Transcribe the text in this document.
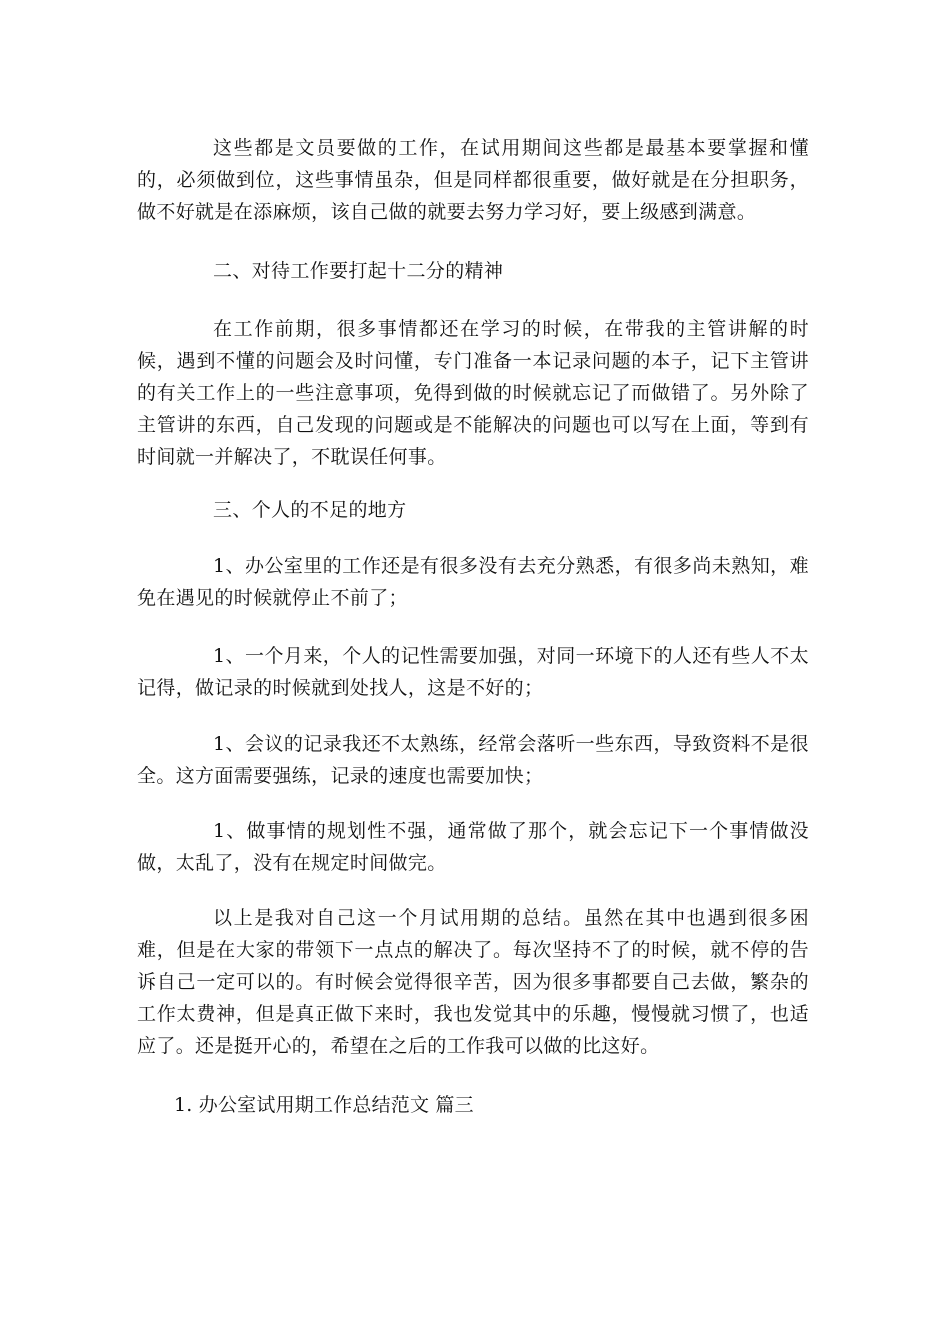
这些都是文员要做的工作，在试用期间这些都是最基本要掌握和懂的，必须做到位，这些事情虽杂，但是同样都很重要，做好就是在分担职务，做不好就是在添麻烦，该自己做的就要去努力学习好，要上级感到满意。

二、对待工作要打起十二分的精神

在工作前期，很多事情都还在学习的时候，在带我的主管讲解的时候，遇到不懂的问题会及时问懂，专门准备一本记录问题的本子，记下主管讲的有关工作上的一些注意事项，免得到做的时候就忘记了而做错了。另外除了主管讲的东西，自己发现的问题或是不能解决的问题也可以写在上面，等到有时间就一并解决了，不耽误任何事。

三、个人的不足的地方

1、办公室里的工作还是有很多没有去充分熟悉，有很多尚未熟知，难免在遇见的时候就停止不前了；

1、一个月来，个人的记性需要加强，对同一环境下的人还有些人不太记得，做记录的时候就到处找人，这是不好的；

1、会议的记录我还不太熟练，经常会落听一些东西，导致资料不是很全。这方面需要强练，记录的速度也需要加快；

1、做事情的规划性不强，通常做了那个，就会忘记下一个事情做没做，太乱了，没有在规定时间做完。

以上是我对自己这一个月试用期的总结。虽然在其中也遇到很多困难，但是在大家的带领下一点点的解决了。每次坚持不了的时候，就不停的告诉自己一定可以的。有时候会觉得很辛苦，因为很多事都要自己去做，繁杂的工作太费神，但是真正做下来时，我也发觉其中的乐趣，慢慢就习惯了，也适应了。还是挺开心的，希望在之后的工作我可以做的比这好。

1. 办公室试用期工作总结范文 篇三
